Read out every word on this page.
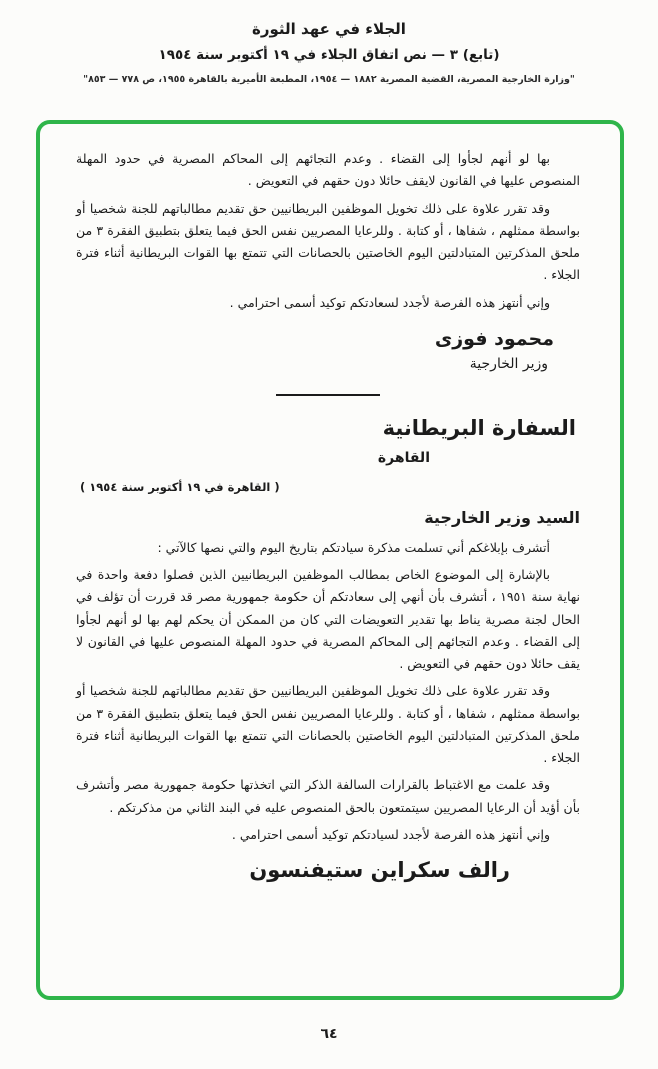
الجلاء في عهد الثورة
(تابع) ٣ — نص اتفاق الجلاء في ١٩ أكتوبر سنة ١٩٥٤
"وزارة الخارجية المصرية، القضية المصرية ١٨٨٢ — ١٩٥٤، المطبعة الأميرية بالقاهرة ١٩٥٥، ص ٧٧٨ — ٨٥٣"

بها لو أنهم لجأوا إلى القضاء . وعدم التجائهم إلى المحاكم المصرية في حدود المهلة المنصوص عليها في القانون لايقف حائلا دون حقهم في التعويض .

وقد تقرر علاوة على ذلك تخويل الموظفين البريطانيين حق تقديم مطالباتهم للجنة شخصيا أو بواسطة ممثلهم ، شفاها ، أو كتابة . وللرعايا المصريين نفس الحق فيما يتعلق بتطبيق الفقرة ٣ من ملحق المذكرتين المتبادلتين اليوم الخاصتين بالحصانات التي تتمتع بها القوات البريطانية أثناء فترة الجلاء .

وإني أنتهز هذه الفرصة لأجدد لسعادتكم توكيد أسمى احترامي .

محمود فوزى
وزير الخارجية
السفارة البريطانية
القاهرة
( القاهرة في ١٩ أكتوبر سنة ١٩٥٤ )
السيد وزير الخارجية

أتشرف بإبلاغكم أني تسلمت مذكرة سيادتكم بتاريخ اليوم والتي نصها كالآتي :

بالإشارة إلى الموضوع الخاص بمطالب الموظفين البريطانيين الذين فصلوا دفعة واحدة في نهاية سنة ١٩٥١ ، أتشرف بأن أنهي إلى سعادتكم أن حكومة جمهورية مصر قد قررت أن تؤلف في الحال لجنة مصرية يناط بها تقدير التعويضات التي كان من الممكن أن يحكم لهم بها لو أنهم لجأوا إلى القضاء . وعدم التجائهم إلى المحاكم المصرية في حدود المهلة المنصوص عليها في القانون لا يقف حائلا دون حقهم في التعويض .

وقد تقرر علاوة على ذلك تخويل الموظفين البريطانيين حق تقديم مطالباتهم للجنة شخصيا أو بواسطة ممثلهم ، شفاها ، أو كتابة . وللرعايا المصريين نفس الحق فيما يتعلق بتطبيق الفقرة ٣ من ملحق المذكرتين المتبادلتين اليوم الخاصتين بالحصانات التي تتمتع بها القوات البريطانية أثناء فترة الجلاء .

وقد علمت مع الاغتباط بالقرارات السالفة الذكر التي اتخذتها حكومة جمهورية مصر وأتشرف بأن أؤيد أن الرعايا المصريين سيتمتعون بالحق المنصوص عليه في البند الثاني من مذكرتكم .

وإني أنتهز هذه الفرصة لأجدد لسيادتكم توكيد أسمى احترامي .

رالف سكراين ستيفنسون
٦٤
